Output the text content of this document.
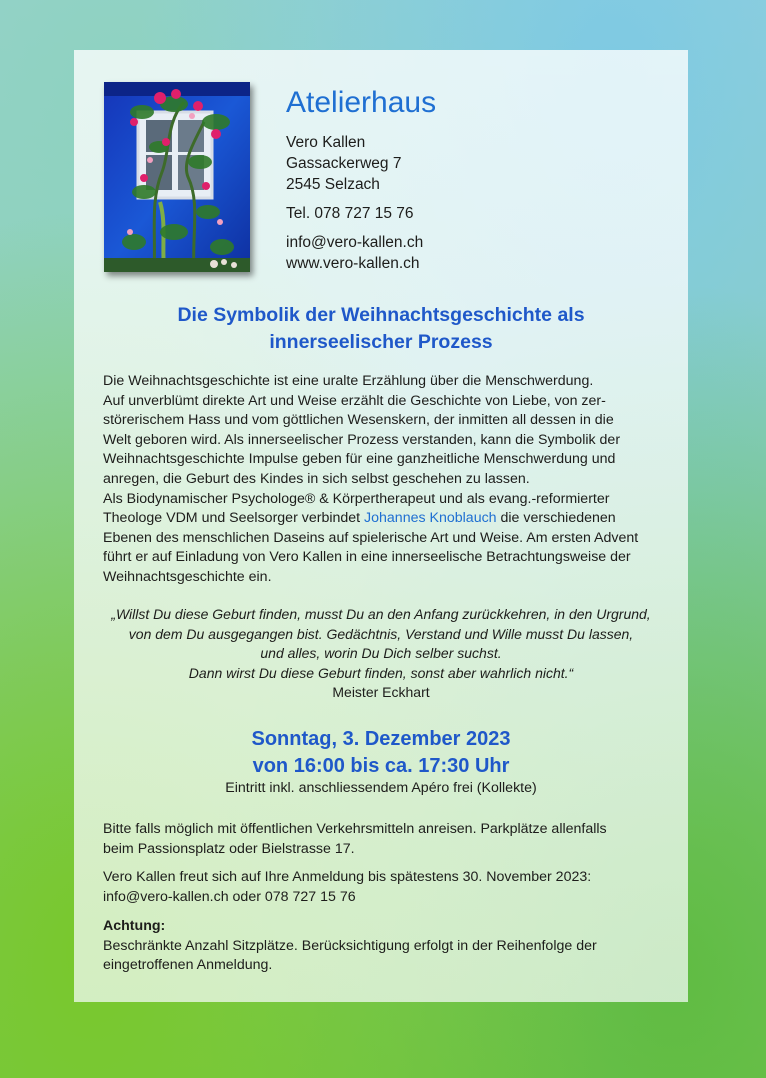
Atelierhaus
Vero Kallen
Gassackerweg 7
2545 Selzach
Tel. 078 727 15 76
info@vero-kallen.ch
www.vero-kallen.ch
Die Symbolik der Weihnachtsgeschichte als
innerseelischer Prozess

Die Weihnachtsgeschichte ist eine uralte Erzählung über die Menschwerdung.

Auf unverblümt direkte Art und Weise erzählt die Geschichte von Liebe, von zer-

störerischem Hass und vom göttlichen Wesenskern, der inmitten all dessen in die

Welt geboren wird. Als innerseelischer Prozess verstanden, kann die Symbolik der

Weihnachtsgeschichte Impulse geben für eine ganzheitliche Menschwerdung und

anregen, die Geburt des Kindes in sich selbst geschehen zu lassen.

Als Biodynamischer Psychologe® & Körpertherapeut und als evang.-reformierter

Theologe VDM und Seelsorger verbindet Johannes Knoblauch die verschiedenen

Ebenen des menschlichen Daseins auf spielerische Art und Weise. Am ersten Advent

führt er auf Einladung von Vero Kallen in eine innerseelische Betrachtungsweise der

Weihnachtsgeschichte ein.

„Willst Du diese Geburt finden, musst Du an den Anfang zurückkehren, in den Urgrund,
von dem Du ausgegangen bist. Gedächtnis, Verstand und Wille musst Du lassen,
und alles, worin Du Dich selber suchst.
Dann wirst Du diese Geburt finden, sonst aber wahrlich nicht.“
Meister Eckhart
Sonntag, 3. Dezember 2023
von 16:00 bis ca. 17:30 Uhr
Eintritt inkl. anschliessendem Apéro frei (Kollekte)

Bitte falls möglich mit öffentlichen Verkehrsmitteln anreisen. Parkplätze allenfalls

beim Passionsplatz oder Bielstrasse 17.

Vero Kallen freut sich auf Ihre Anmeldung bis spätestens 30. November 2023:

info@vero-kallen.ch oder 078 727 15 76

Achtung:

Beschränkte Anzahl Sitzplätze. Berücksichtigung erfolgt in der Reihenfolge der

eingetroffenen Anmeldung.
